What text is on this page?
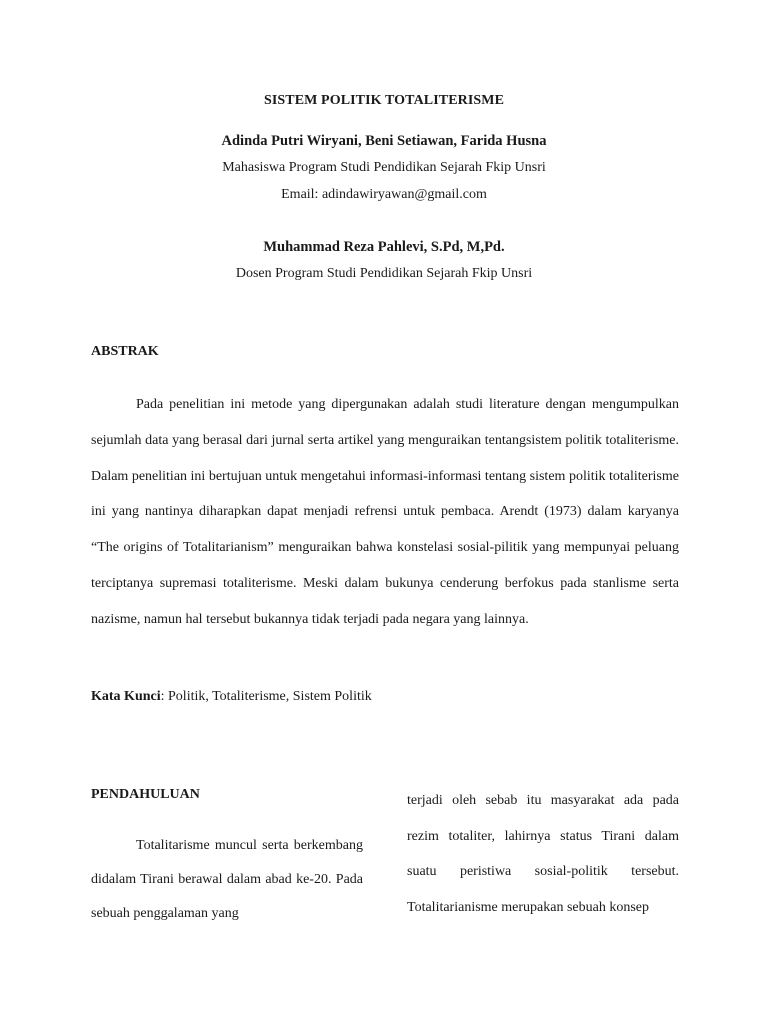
SISTEM POLITIK TOTALITERISME
Adinda Putri Wiryani, Beni Setiawan, Farida Husna
Mahasiswa Program Studi Pendidikan Sejarah Fkip Unsri
Email: adindawiryawan@gmail.com
Muhammad Reza Pahlevi, S.Pd, M,Pd.
Dosen Program Studi Pendidikan Sejarah Fkip Unsri
ABSTRAK

Pada penelitian ini metode yang dipergunakan adalah studi literature dengan mengumpulkan sejumlah data yang berasal dari jurnal serta artikel yang menguraikan tentangsistem politik totaliterisme. Dalam penelitian ini bertujuan untuk mengetahui informasi-informasi tentang sistem politik totaliterisme ini yang nantinya diharapkan dapat menjadi refrensi untuk pembaca. Arendt (1973) dalam karyanya “The origins of Totalitarianism” menguraikan bahwa konstelasi sosial-pilitik yang mempunyai peluang terciptanya supremasi totaliterisme. Meski dalam bukunya cenderung berfokus pada stanlisme serta nazisme, namun hal tersebut bukannya tidak terjadi pada negara yang lainnya.

Kata Kunci: Politik, Totaliterisme, Sistem Politik
PENDAHULUAN

Totalitarisme muncul serta berkembang didalam Tirani berawal dalam abad ke-20. Pada sebuah penggalaman yang

terjadi oleh sebab itu masyarakat ada pada rezim totaliter, lahirnya status Tirani dalam suatu peristiwa sosial-politik tersebut. Totalitarianisme merupakan sebuah konsep
